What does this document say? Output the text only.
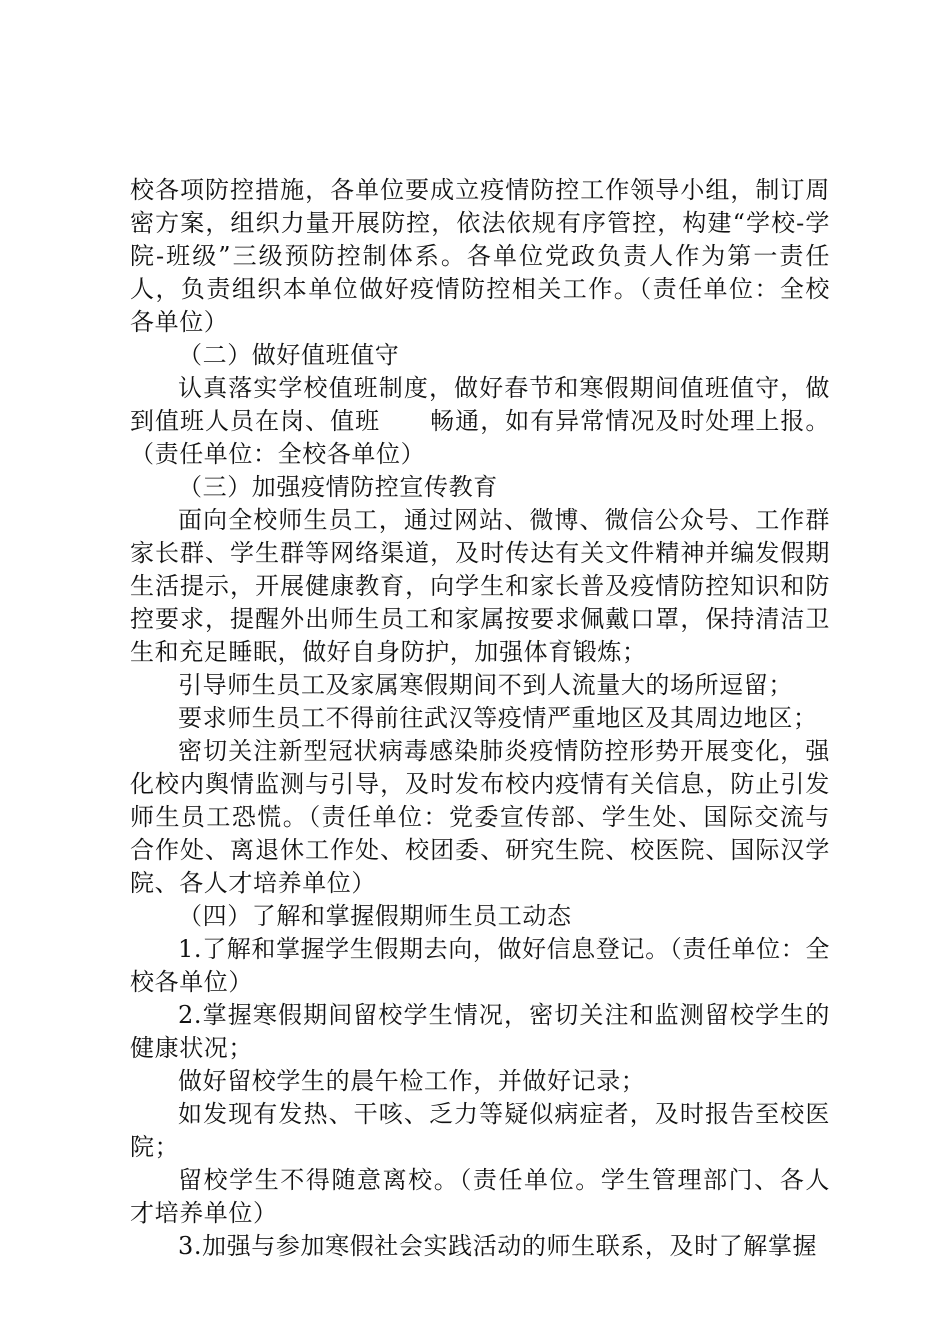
校各项防控措施，各单位要成立疫情防控工作领导小组，制订周密方案，组织力量开展防控，依法依规有序管控，构建“学校-学院-班级”三级预防控制体系。各单位党政负责人作为第一责任人，负责组织本单位做好疫情防控相关工作。（责任单位：全校各单位）

（二）做好值班值守

认真落实学校值班制度，做好春节和寒假期间值班值守，做到值班人员在岗、值班　　畅通，如有异常情况及时处理上报。（责任单位：全校各单位）

（三）加强疫情防控宣传教育

面向全校师生员工，通过网站、微博、微信公众号、工作群家长群、学生群等网络渠道，及时传达有关文件精神并编发假期生活提示，开展健康教育，向学生和家长普及疫情防控知识和防控要求，提醒外出师生员工和家属按要求佩戴口罩，保持清洁卫生和充足睡眠，做好自身防护，加强体育锻炼；

引导师生员工及家属寒假期间不到人流量大的场所逗留；

要求师生员工不得前往武汉等疫情严重地区及其周边地区；

密切关注新型冠状病毒感染肺炎疫情防控形势开展变化，强化校内舆情监测与引导，及时发布校内疫情有关信息，防止引发师生员工恐慌。（责任单位：党委宣传部、学生处、国际交流与合作处、离退休工作处、校团委、研究生院、校医院、国际汉学院、各人才培养单位）

（四）了解和掌握假期师生员工动态

1.了解和掌握学生假期去向，做好信息登记。（责任单位：全校各单位）

2.掌握寒假期间留校学生情况，密切关注和监测留校学生的健康状况；

做好留校学生的晨午检工作，并做好记录；

如发现有发热、干咳、乏力等疑似病症者，及时报告至校医院；

留校学生不得随意离校。（责任单位。学生管理部门、各人才培养单位）

3.加强与参加寒假社会实践活动的师生联系，及时了解掌握
